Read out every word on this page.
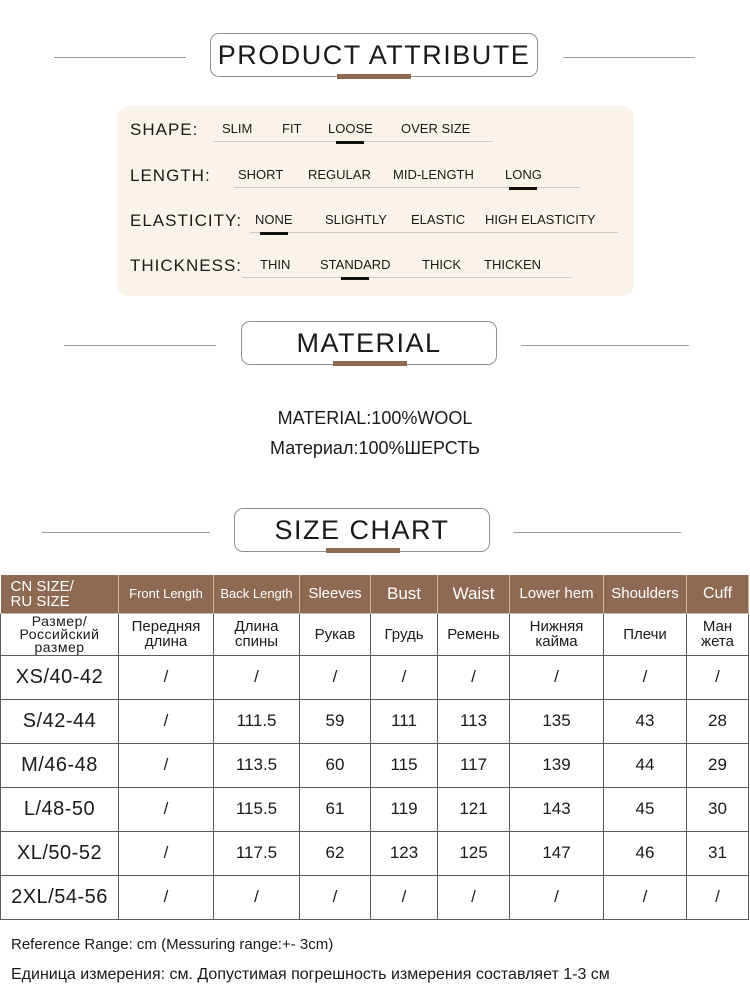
PRODUCT ATTRIBUTE
SHAPE: SLIM FIT LOOSE OVER SIZE
LENGTH: SHORT REGULAR MID-LENGTH LONG
ELASTICITY: NONE SLIGHTLY ELASTIC HIGH ELASTICITY
THICKNESS: THIN STANDARD THICK THICKEN
MATERIAL
MATERIAL:100%WOOL
Материал:100%ШЕРСТЬ
SIZE CHART
CN SIZE/
RU SIZE	Front Length	Back Length	Sleeves	Bust	Waist	Lower hem	Shoulders	Cuff
Размер/
Российский
размер	Передняя
длина	Длина
спины	Рукав	Грудь	Ремень	Нижняя
кайма	Плечи	Ман
жета
XS/40-42	/	/	/	/	/	/	/	/
S/42-44	/	111.5	59	111	113	135	43	28
M/46-48	/	113.5	60	115	117	139	44	29
L/48-50	/	115.5	61	119	121	143	45	30
XL/50-52	/	117.5	62	123	125	147	46	31
2XL/54-56	/	/	/	/	/	/	/	/
Reference Range: cm (Messuring range:+- 3cm)
Единица измерения: см. Допустимая погрешность измерения составляет 1-3 см
